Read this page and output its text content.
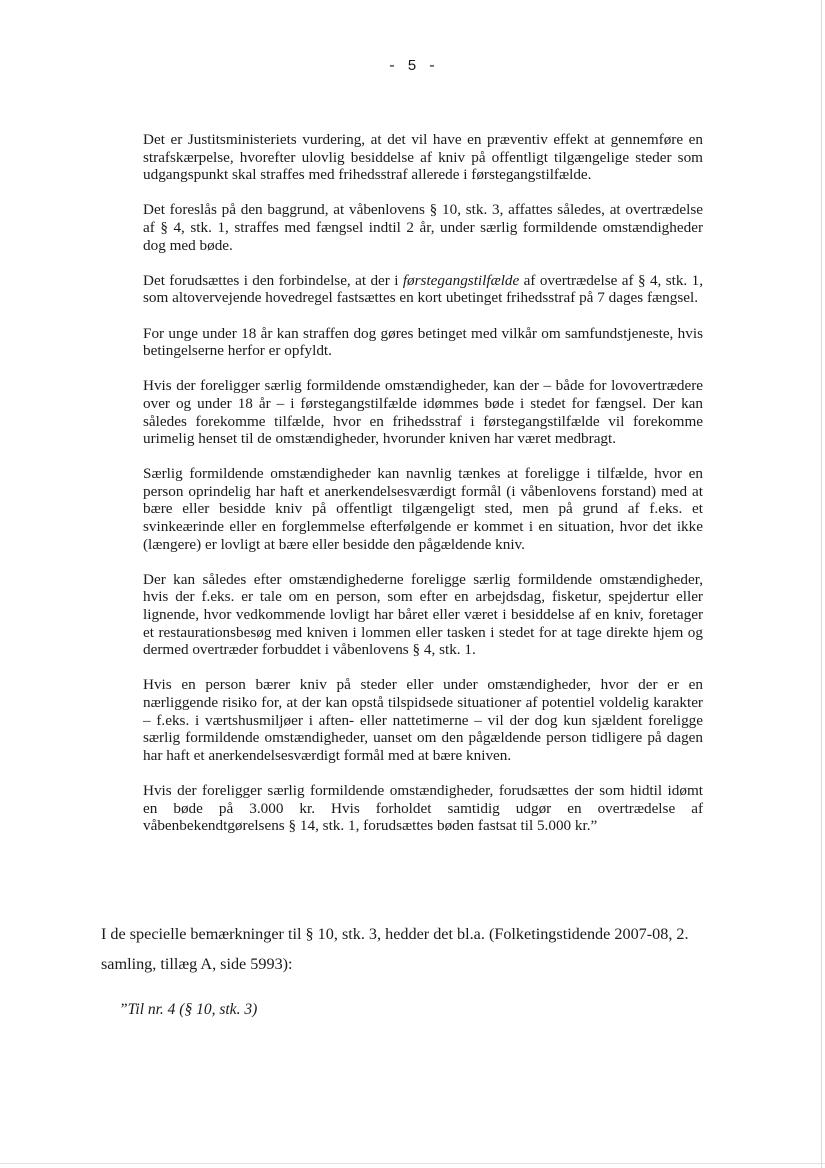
- 5 -

Det er Justitsministeriets vurdering, at det vil have en præventiv effekt at gennemføre en strafskærpelse, hvorefter ulovlig besiddelse af kniv på offentligt tilgængelige steder som udgangspunkt skal straffes med frihedsstraf allerede i førstegangstilfælde.

Det foreslås på den baggrund, at våbenlovens § 10, stk. 3, affattes således, at overtrædelse af § 4, stk. 1, straffes med fængsel indtil 2 år, under særlig formildende omstændigheder dog med bøde.

Det forudsættes i den forbindelse, at der i førstegangstilfælde af overtrædelse af § 4, stk. 1, som altovervejende hovedregel fastsættes en kort ubetinget frihedsstraf på 7 dages fængsel.

For unge under 18 år kan straffen dog gøres betinget med vilkår om samfundstjeneste, hvis betingelserne herfor er opfyldt.

Hvis der foreligger særlig formildende omstændigheder, kan der – både for lovovertrædere over og under 18 år – i førstegangstilfælde idømmes bøde i stedet for fængsel. Der kan således forekomme tilfælde, hvor en frihedsstraf i førstegangstilfælde vil forekomme urimelig henset til de omstændigheder, hvorunder kniven har været medbragt.

Særlig formildende omstændigheder kan navnlig tænkes at foreligge i tilfælde, hvor en person oprindelig har haft et anerkendelsesværdigt formål (i våbenlovens forstand) med at bære eller besidde kniv på offentligt tilgængeligt sted, men på grund af f.eks. et svinkeærinde eller en forglemmelse efterfølgende er kommet i en situation, hvor det ikke (længere) er lovligt at bære eller besidde den pågældende kniv.

Der kan således efter omstændighederne foreligge særlig formildende omstændigheder, hvis der f.eks. er tale om en person, som efter en arbejdsdag, fisketur, spejdertur eller lignende, hvor vedkommende lovligt har båret eller været i besiddelse af en kniv, foretager et restaurationsbesøg med kniven i lommen eller tasken i stedet for at tage direkte hjem og dermed overtræder forbuddet i våbenlovens § 4, stk. 1.

Hvis en person bærer kniv på steder eller under omstændigheder, hvor der er en nærliggende risiko for, at der kan opstå tilspidsede situationer af potentiel voldelig karakter – f.eks. i værtshusmiljøer i aften- eller nattetimerne – vil der dog kun sjældent foreligge særlig formildende omstændigheder, uanset om den pågældende person tidligere på dagen har haft et anerkendelsesværdigt formål med at bære kniven.

Hvis der foreligger særlig formildende omstændigheder, forudsættes der som hidtil idømt en bøde på 3.000 kr. Hvis forholdet samtidig udgør en overtrædelse af våbenbekendtgørelsens § 14, stk. 1, forudsættes bøden fastsat til 5.000 kr.”

I de specielle bemærkninger til § 10, stk. 3, hedder det bl.a. (Folketingstidende 2007-08, 2. samling, tillæg A, side 5993):

”Til nr. 4 (§ 10, stk. 3)
